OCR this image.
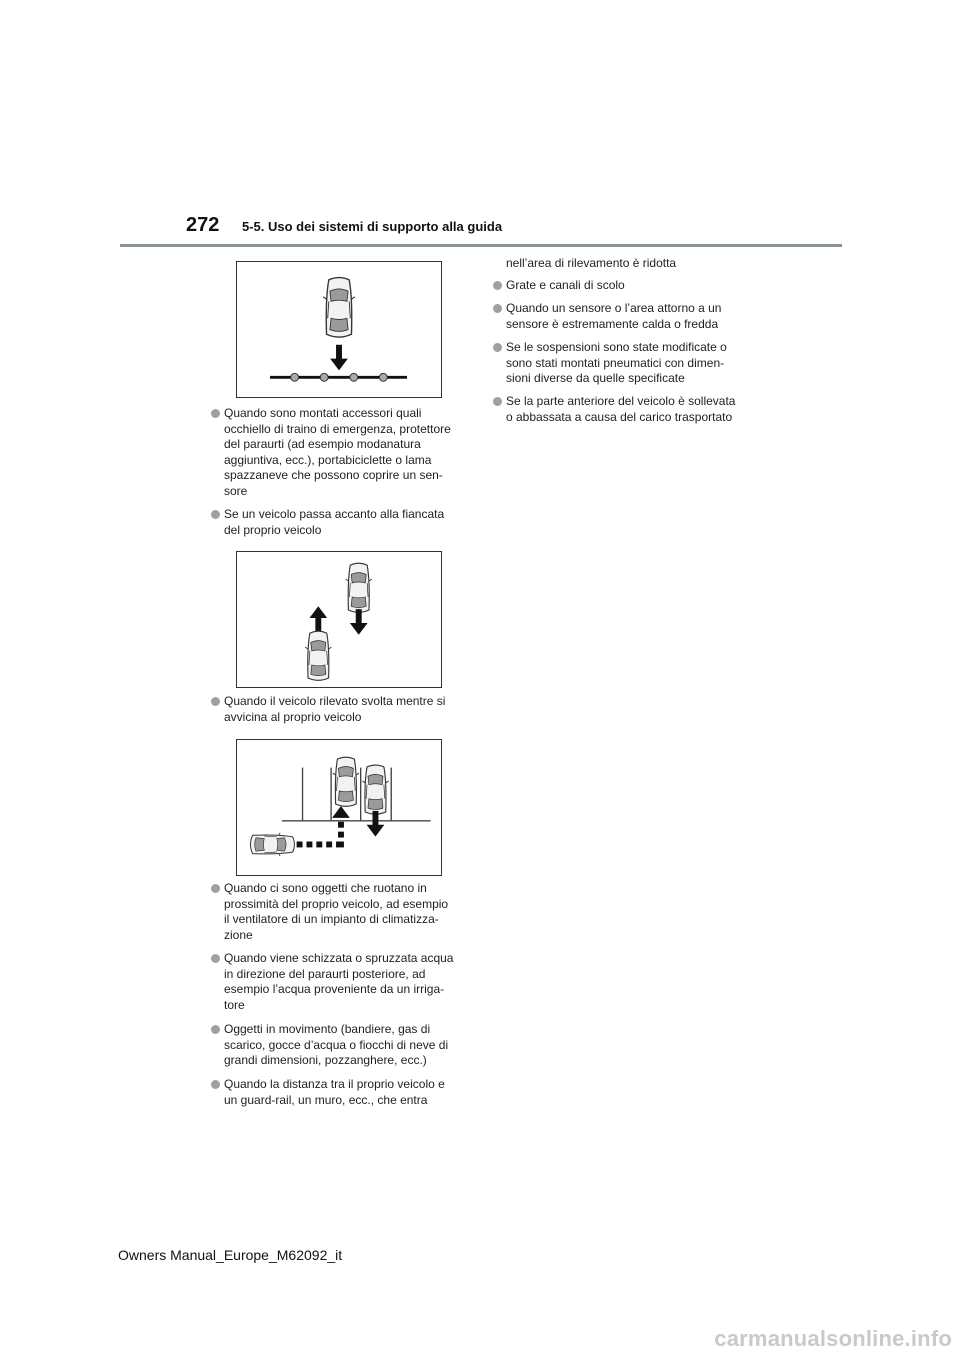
272 5-5. Uso dei sistemi di supporto alla guida
Quando sono montati accessori quali occhiello di traino di emergenza, protettore del paraurti (ad esempio modanatura aggiuntiva, ecc.), portabiciclette o lama spazzaneve che possono coprire un sen-sore
Se un veicolo passa accanto alla fiancata del proprio veicolo
Quando il veicolo rilevato svolta mentre si avvicina al proprio veicolo
Quando ci sono oggetti che ruotano in prossimità del proprio veicolo, ad esempio il ventilatore di un impianto di climatizza-zione
Quando viene schizzata o spruzzata acqua in direzione del paraurti posteriore, ad esempio l’acqua proveniente da un irriga-tore
Oggetti in movimento (bandiere, gas di scarico, gocce d’acqua o fiocchi di neve di grandi dimensioni, pozzanghere, ecc.)
Quando la distanza tra il proprio veicolo e un guard-rail, un muro, ecc., che entra
nell’area di rilevamento è ridotta
Grate e canali di scolo
Quando un sensore o l’area attorno a un sensore è estremamente calda o fredda
Se le sospensioni sono state modificate o sono stati montati pneumatici con dimen-sioni diverse da quelle specificate
Se la parte anteriore del veicolo è sollevata o abbassata a causa del carico trasportato
Owners Manual_Europe_M62092_it
carmanualsonline.info
